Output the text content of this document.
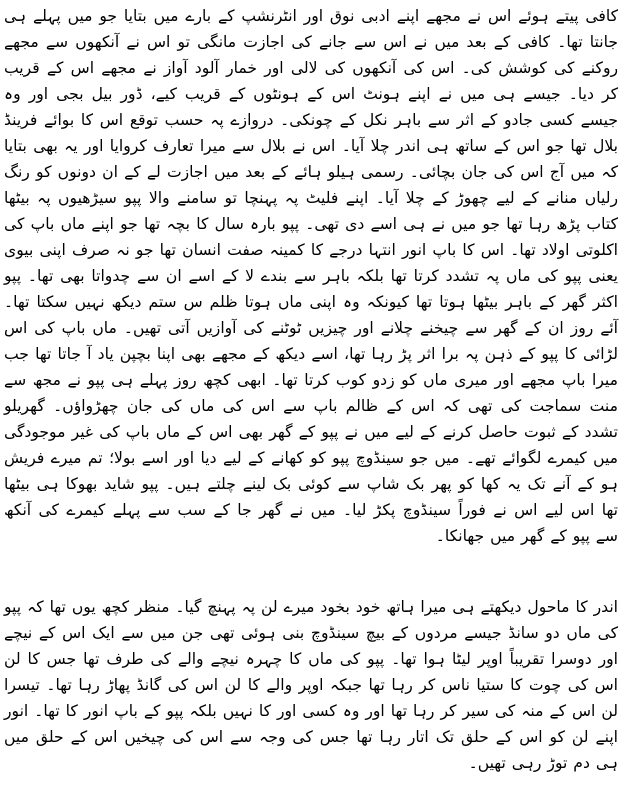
کافی پیتے ہوئے اس نے مجھے اپنے ادبی نوق اور انٹرنشپ کے بارے میں بتایا جو میں پہلے ہی جانتا تھا۔ کافی کے بعد میں نے اس سے جانے کی اجازت مانگی تو اس نے آنکھوں سے مجھے روکنے کی کوشش کی۔ اس کی آنکھوں کی لالی اور خمار آلود آواز نے مجھے اس کے قریب کر دیا۔ جیسے ہی میں نے اپنے ہونٹ اس کے ہونٹوں کے قریب کیے، ڈور بیل بجی اور وہ جیسے کسی جادو کے اثر سے باہر نکل کے چونکی۔ دروازے پہ حسب توقع اس کا بوائے فرینڈ بلال تھا جو اس کے ساتھ ہی اندر چلا آیا۔ اس نے بلال سے میرا تعارف کروایا اور یہ بھی بتایا کہ میں آج اس کی جان بچائی۔ رسمی ہیلو ہائے کے بعد میں اجازت لے کے ان دونوں کو رنگ رلیاں منانے کے لیے چھوڑ کے چلا آیا۔ اپنے فلیٹ پہ پہنچا تو سامنے والا پپو سیڑھیوں پہ بیٹھا کتاب پڑھ رہا تھا جو میں نے ہی اسے دی تھی۔ پپو بارہ سال کا بچہ تھا جو اپنے ماں باپ کی اکلوتی اولاد تھا۔ اس کا باپ انور انتہا درجے کا کمینہ صفت انسان تھا جو نہ صرف اپنی بیوی یعنی پپو کی ماں پہ تشدد کرتا تھا بلکہ باہر سے بندے لا کے اسے ان سے چدواتا بھی تھا۔ پپو اکثر گھر کے باہر بیٹھا ہوتا تھا کیونکہ وہ اپنی ماں ہوتا ظلم س ستم دیکھ نہیں سکتا تھا۔ آئے روز ان کے گھر سے چیخنے چلانے اور چیزیں ٹوٹنے کی آوازیں آتی تھیں۔ ماں باپ کی اس لڑائی کا پپو کے ذہن پہ برا اثر پڑ رہا تھا، اسے دیکھ کے مجھے بھی اپنا بچپن یاد آ جاتا تھا جب میرا باپ مجھے اور میری ماں کو زدو کوب کرتا تھا۔ ابھی کچھ روز پہلے ہی پپو نے مجھ سے منت سماجت کی تھی کہ اس کے ظالم باپ سے اس کی ماں کی جان چھڑواؤں۔ گھریلو تشدد کے ثبوت حاصل کرنے کے لیے میں نے پپو کے گھر بھی اس کے ماں باپ کی غیر موجودگی میں کیمرے لگوائے تھے۔ میں جو سینڈوچ پپو کو کھانے کے لیے دیا اور اسے بولا؛ تم میرے فریش ہو کے آنے تک یہ کھا کو پھر بک شاپ سے کوئی بک لینے چلتے ہیں۔ پپو شاید بھوکا ہی بیٹھا تھا اس لیے اس نے فوراً سینڈوچ پکڑ لیا۔ میں نے گھر جا کے سب سے پہلے کیمرے کی آنکھ سے پپو کے گھر میں جھانکا۔

اندر کا ماحول دیکھتے ہی میرا ہاتھ خود بخود میرے لن پہ پہنچ گیا۔ منظر کچھ یوں تھا کہ پپو کی ماں دو سانڈ جیسے مردوں کے بیچ سینڈوچ بنی ہوئی تھی جن میں سے ایک اس کے نیچے اور دوسرا تقریباً اوپر لیٹا ہوا تھا۔ پپو کی ماں کا چہرہ نیچے والے کی طرف تھا جس کا لن اس کی چوت کا ستیا ناس کر رہا تھا جبکہ اوپر والے کا لن اس کی گانڈ پھاڑ رہا تھا۔ تیسرا لن اس کے منہ کی سیر کر رہا تھا اور وہ کسی اور کا نہیں بلکہ پپو کے باپ انور کا تھا۔ انور اپنے لن کو اس کے حلق تک اتار رہا تھا جس کی وجہ سے اس کی چیخیں اس کے حلق میں ہی دم توڑ رہی تھیں۔
